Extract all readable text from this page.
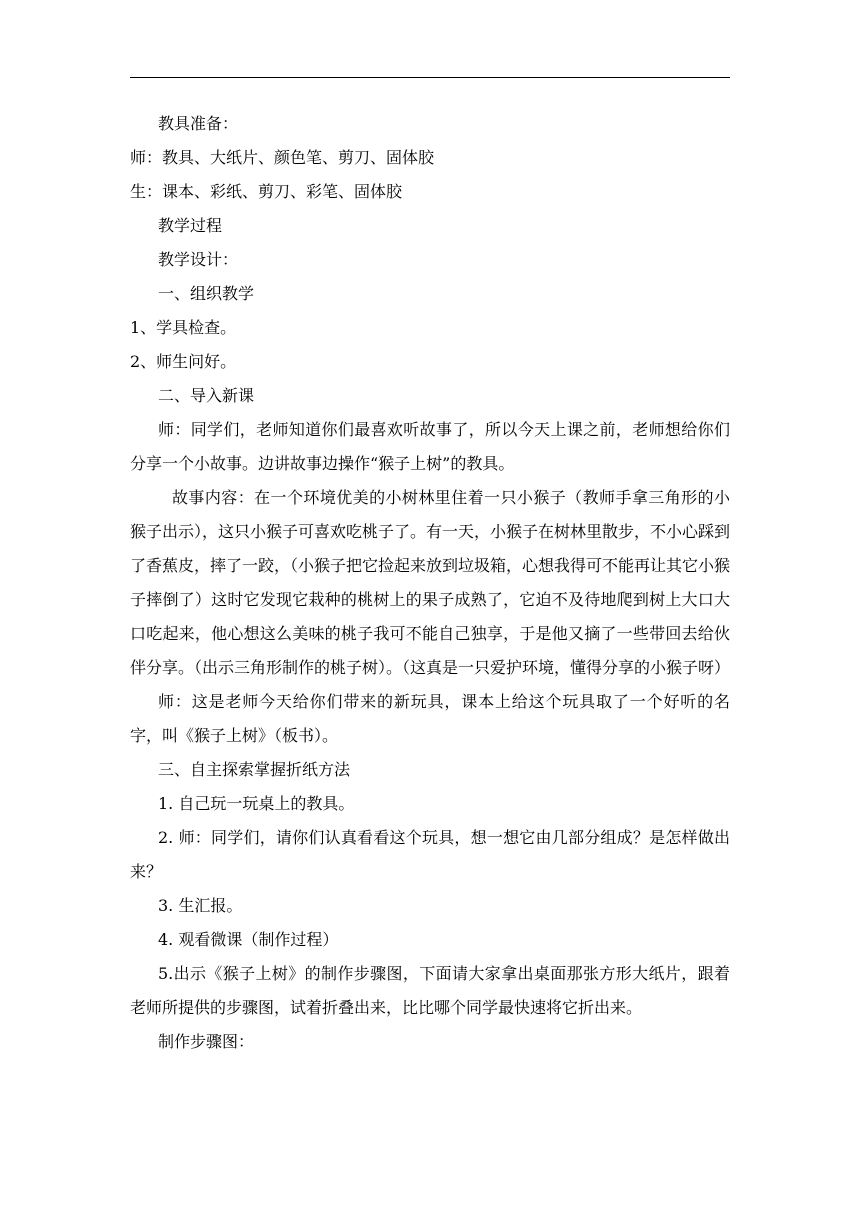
教具准备：

师：教具、大纸片、颜色笔、剪刀、固体胶

生：课本、彩纸、剪刀、彩笔、固体胶

教学过程

教学设计：

一、组织教学

1、学具检查。

2、师生问好。

二、导入新课

师：同学们，老师知道你们最喜欢听故事了，所以今天上课之前，老师想给你们分享一个小故事。边讲故事边操作“猴子上树”的教具。

故事内容：在一个环境优美的小树林里住着一只小猴子（教师手拿三角形的小猴子出示），这只小猴子可喜欢吃桃子了。有一天，小猴子在树林里散步，不小心踩到了香蕉皮，摔了一跤，（小猴子把它捡起来放到垃圾箱，心想我得可不能再让其它小猴子摔倒了）这时它发现它栽种的桃树上的果子成熟了，它迫不及待地爬到树上大口大口吃起来，他心想这么美味的桃子我可不能自己独享，于是他又摘了一些带回去给伙伴分享。（出示三角形制作的桃子树）。（这真是一只爱护环境，懂得分享的小猴子呀）

师：这是老师今天给你们带来的新玩具，课本上给这个玩具取了一个好听的名字，叫《猴子上树》（板书）。

三、自主探索掌握折纸方法

1. 自己玩一玩桌上的教具。

2. 师：同学们，请你们认真看看这个玩具，想一想它由几部分组成？是怎样做出来？

3. 生汇报。

4. 观看微课（制作过程）

5.出示《猴子上树》的制作步骤图，下面请大家拿出桌面那张方形大纸片，跟着老师所提供的步骤图，试着折叠出来，比比哪个同学最快速将它折出来。

制作步骤图：
